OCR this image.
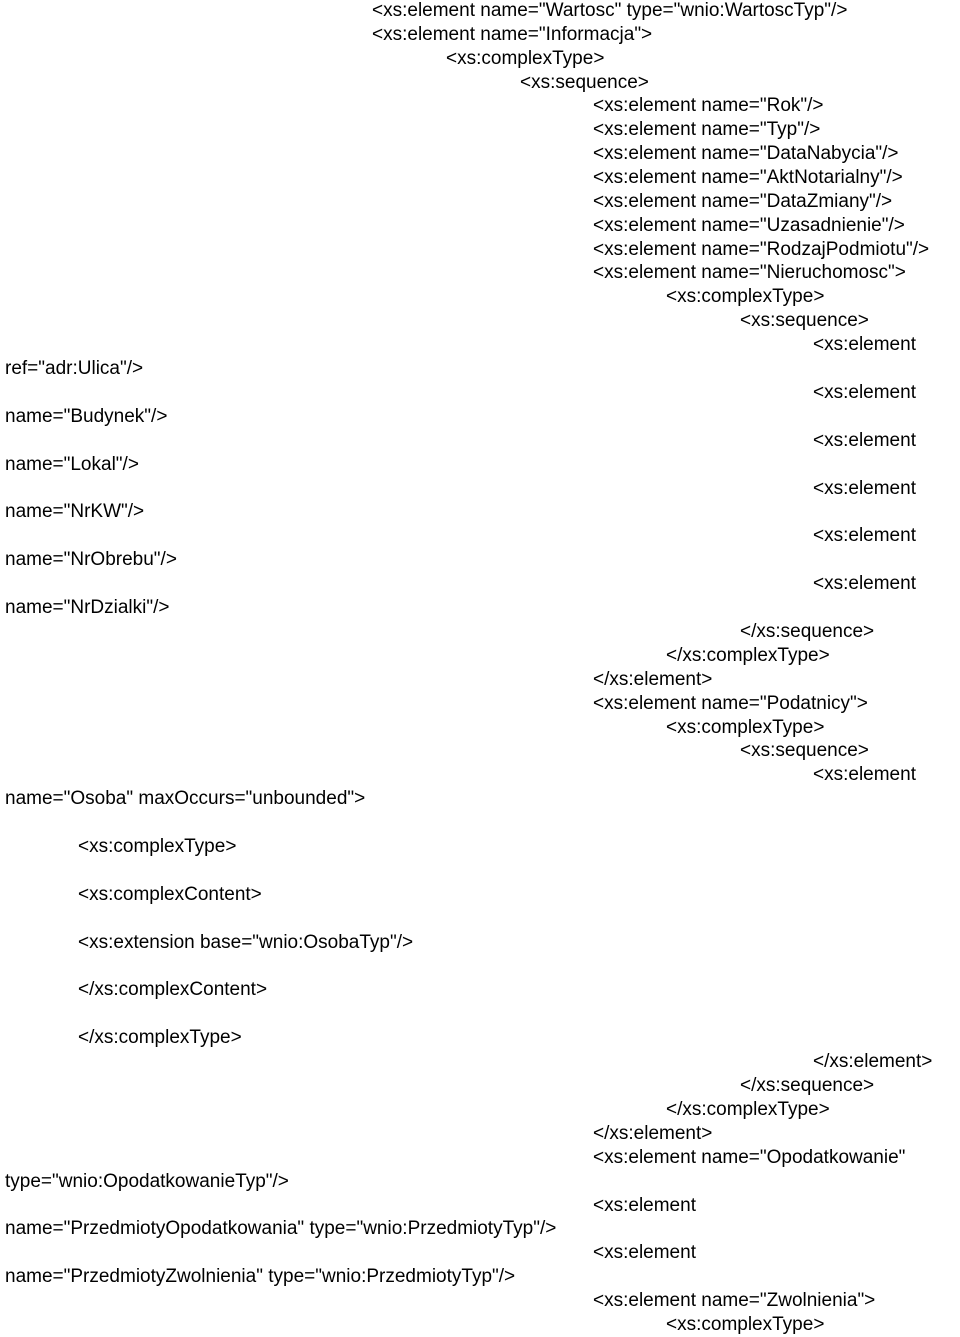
<xs:element name="Wartosc" type="wnio:WartoscTyp"/>
<xs:element name="Informacja">
<xs:complexType>
<xs:sequence>
<xs:element name="Rok"/>
<xs:element name="Typ"/>
<xs:element name="DataNabycia"/>
<xs:element name="AktNotarialny"/>
<xs:element name="DataZmiany"/>
<xs:element name="Uzasadnienie"/>
<xs:element name="RodzajPodmiotu"/>
<xs:element name="Nieruchomosc">
<xs:complexType>
<xs:sequence>
<xs:element
ref="adr:Ulica"/>
<xs:element
name="Budynek"/>
<xs:element
name="Lokal"/>
<xs:element
name="NrKW"/>
<xs:element
name="NrObrebu"/>
<xs:element
name="NrDzialki"/>
</xs:sequence>
</xs:complexType>
</xs:element>
<xs:element name="Podatnicy">
<xs:complexType>
<xs:sequence>
<xs:element
name="Osoba" maxOccurs="unbounded">
<xs:complexType>
<xs:complexContent>
<xs:extension base="wnio:OsobaTyp"/>
</xs:complexContent>
</xs:complexType>
</xs:element>
</xs:sequence>
</xs:complexType>
</xs:element>
<xs:element name="Opodatkowanie"
type="wnio:OpodatkowanieTyp"/>
<xs:element
name="PrzedmiotyOpodatkowania" type="wnio:PrzedmiotyTyp"/>
<xs:element
name="PrzedmiotyZwolnienia" type="wnio:PrzedmiotyTyp"/>
<xs:element name="Zwolnienia">
<xs:complexType>
